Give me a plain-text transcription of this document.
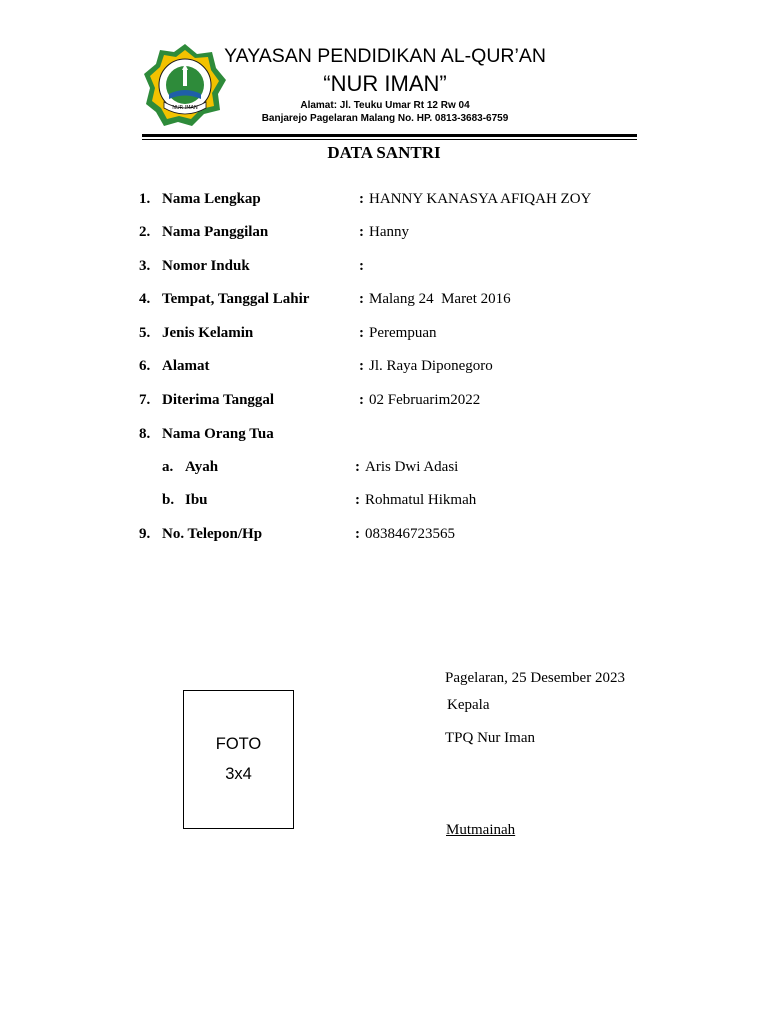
NUR IMAN
YAYASAN PENDIDIKAN AL-QUR’AN
“NUR IMAN”
Alamat: Jl. Teuku Umar Rt 12 Rw 04
Banjarejo Pagelaran Malang No. HP. 0813-3683-6759
DATA SANTRI
1. Nama Lengkap	: HANNY KANASYA AFIQAH ZOY
2. Nama Panggilan	: Hanny
3. Nomor Induk	:
4. Tempat, Tanggal Lahir	: Malang 24  Maret 2016
5. Jenis Kelamin	: Perempuan
6. Alamat	: Jl. Raya Diponegoro
7. Diterima Tanggal	: 02 Februarim2022
8. Nama Orang Tua
a. Ayah	: Aris Dwi Adasi
b. Ibu	: Rohmatul Hikmah
9. No. Telepon/Hp	: 083846723565
FOTO
3x4
Pagelaran, 25 Desember 2023
Kepala
TPQ Nur Iman
Mutmainah
